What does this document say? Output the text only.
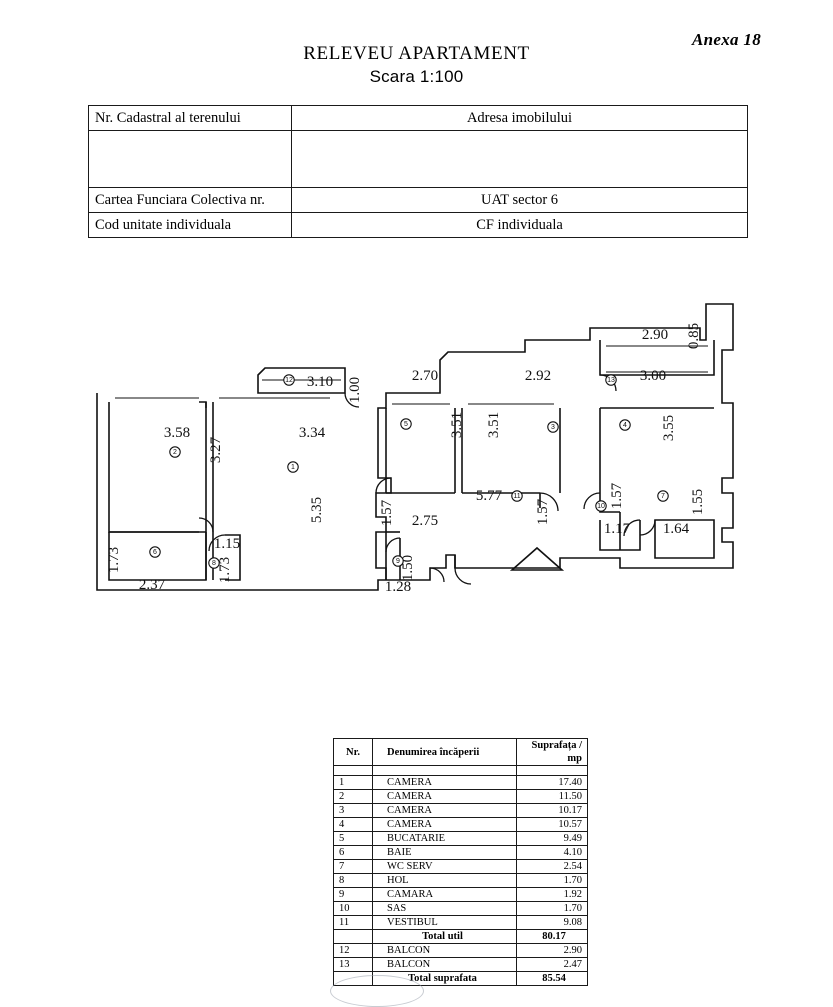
Anexa 18
RELEVEU APARTAMENT
Scara 1:100
Nr. Cadastral al terenului	Adresa imobilului

Cartea Funciara Colectiva nr.	UAT sector 6
Cod unitate individuala	CF individuala
12
2
1
6
8
5	3	4
13
11
10
7
9
3.10
3.58	3.34
2.37
1.15
2.70	2.92
2.90
3.00
5.77
2.75
1.28
1.17 1.64
1.00
3.27
5.35
1.73	1.73
3.51 3.51
0.85
3.55
1.57	1.57
1.57
1.50
1.55
Nr.	Denumirea încăperii	Suprafața / mp

1	CAMERA	17.40
2	CAMERA	11.50
3	CAMERA	10.17
4	CAMERA	10.57
5	BUCATARIE	9.49
6	BAIE	4.10
7	WC SERV	2.54
8	HOL	1.70
9	CAMARA	1.92
10	SAS	1.70
11	VESTIBUL	9.08
	Total util	80.17
12	BALCON	2.90
13	BALCON	2.47
	Total suprafata	85.54
